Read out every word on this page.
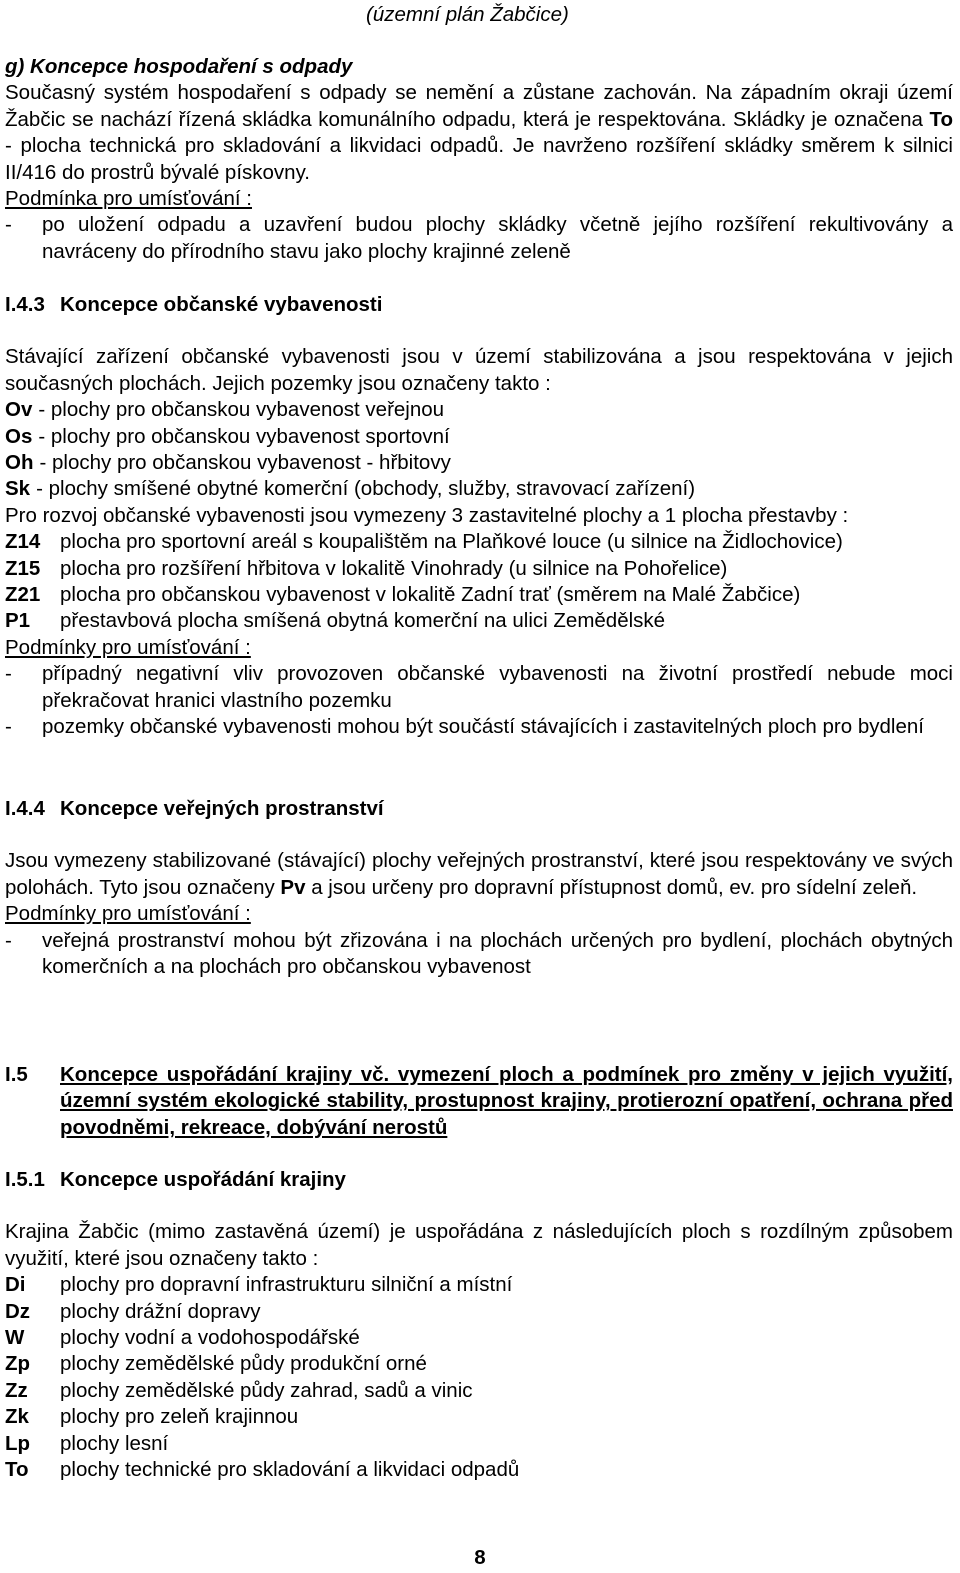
(územní plán Žabčice)

g) Koncepce hospodaření s odpady

Současný systém hospodaření s odpady se nemění a zůstane zachován. Na západním okraji území Žabčic se nachází řízená skládka komunálního odpadu, která je respektována. Skládky je označena To - plocha technická pro skladování a likvidaci odpadů. Je navrženo rozšíření skládky směrem k silnici II/416 do prostrů bývalé pískovny.

Podmínka pro umísťování :

-	po uložení odpadu a uzavření budou plochy skládky včetně jejího rozšíření rekultivovány a navráceny do přírodního stavu jako plochy krajinné zeleně
I.4.3 Koncepce občanské vybavenosti

Stávající zařízení občanské vybavenosti jsou v území stabilizována a jsou respektována v jejich současných plochách. Jejich pozemky jsou označeny takto :

Ov - plochy pro občanskou vybavenost veřejnou
Os - plochy pro občanskou vybavenost sportovní
Oh - plochy pro občanskou vybavenost - hřbitovy
Sk - plochy smíšené obytné komerční (obchody, služby, stravovací zařízení)

Pro rozvoj občanské vybavenosti jsou vymezeny 3 zastavitelné plochy a 1 plocha přestavby :

Z14 plocha pro sportovní areál s koupalištěm na Plaňkové louce (u silnice na Židlochovice)
Z15 plocha pro rozšíření hřbitova v lokalitě Vinohrady (u silnice na Pohořelice)
Z21 plocha pro občanskou vybavenost v lokalitě Zadní trať (směrem na Malé Žabčice)
P1	přestavbová plocha smíšená obytná komerční na ulici Zemědělské

Podmínky pro umísťování :

-	případný negativní vliv provozoven občanské vybavenosti na životní prostředí nebude moci překračovat hranici vlastního pozemku
-	pozemky občanské vybavenosti mohou být součástí stávajících i zastavitelných ploch pro bydlení
I.4.4 Koncepce veřejných prostranství

Jsou vymezeny stabilizované (stávající) plochy veřejných prostranství, které jsou respektovány ve svých polohách. Tyto jsou označeny Pv a jsou určeny pro dopravní přístupnost domů, ev. pro sídelní zeleň.

Podmínky pro umísťování :

-	veřejná prostranství mohou být zřizována i na plochách určených pro bydlení, plochách obytných komerčních a na plochách pro občanskou vybavenost
I.5	Koncepce uspořádání krajiny vč. vymezení ploch a podmínek pro změny v jejich využití, územní systém ekologické stability, prostupnost krajiny, protierozní opatření, ochrana před povodněmi, rekreace, dobývání nerostů
I.5.1 Koncepce uspořádání krajiny

Krajina Žabčic (mimo zastavěná území) je uspořádána z následujících ploch s rozdílným způsobem využití, které jsou označeny takto :

Di	plochy pro dopravní infrastrukturu silniční a místní
Dz	plochy drážní dopravy
W	plochy vodní a vodohospodářské
Zp	plochy zemědělské půdy produkční orné
Zz	plochy zemědělské půdy zahrad, sadů a vinic
Zk	plochy pro zeleň krajinnou
Lp	plochy lesní
To	plochy technické pro skladování a likvidaci odpadů
8
